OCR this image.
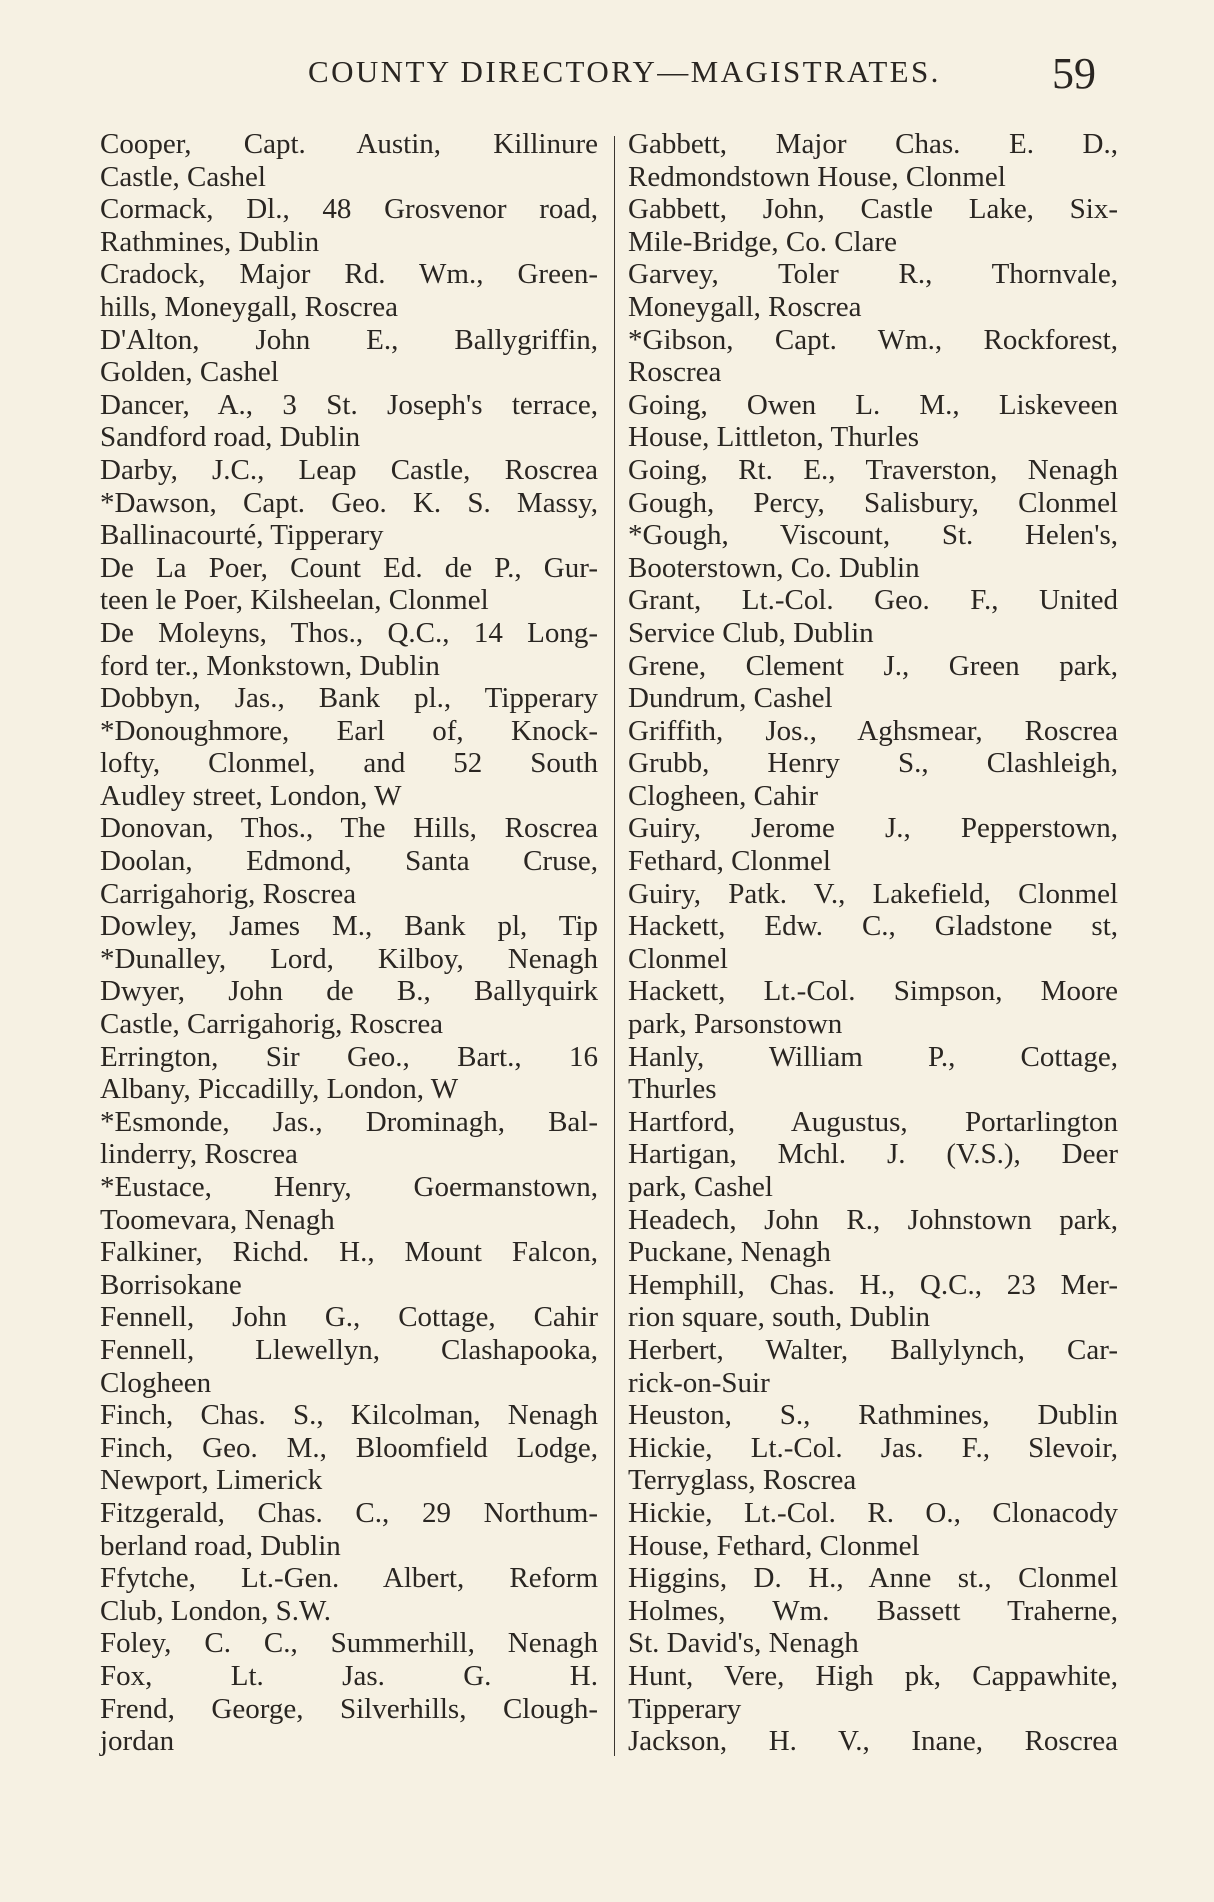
COUNTY DIRECTORY—MAGISTRATES.	59

Cooper, Capt. Austin, Killinure
Castle, Cashel

Cormack, Dl., 48 Grosvenor road,
Rathmines, Dublin

Cradock, Major Rd. Wm., Green-
hills, Moneygall, Roscrea

D'Alton, John E., Ballygriffin,
Golden, Cashel

Dancer, A., 3 St. Joseph's terrace,
Sandford road, Dublin

Darby, J.C., Leap Castle, Roscrea

*Dawson, Capt. Geo. K. S. Massy,
Ballinacourté, Tipperary

De La Poer, Count Ed. de P., Gur-
teen le Poer, Kilsheelan, Clonmel

De Moleyns, Thos., Q.C., 14 Long-
ford ter., Monkstown, Dublin

Dobbyn, Jas., Bank pl., Tipperary

*Donoughmore, Earl of, Knock-
lofty, Clonmel, and 52 South
Audley street, London, W

Donovan, Thos., The Hills, Roscrea

Doolan, Edmond, Santa Cruse,
Carrigahorig, Roscrea

Dowley, James M., Bank pl, Tip

*Dunalley, Lord, Kilboy, Nenagh

Dwyer, John de B., Ballyquirk
Castle, Carrigahorig, Roscrea

Errington, Sir Geo., Bart., 16
Albany, Piccadilly, London, W

*Esmonde, Jas., Drominagh, Bal-
linderry, Roscrea

*Eustace, Henry, Goermanstown,
Toomevara, Nenagh

Falkiner, Richd. H., Mount Falcon,
Borrisokane

Fennell, John G., Cottage, Cahir

Fennell, Llewellyn, Clashapooka,
Clogheen

Finch, Chas. S., Kilcolman, Nenagh

Finch, Geo. M., Bloomfield Lodge,
Newport, Limerick

Fitzgerald, Chas. C., 29 Northum-
berland road, Dublin

Ffytche, Lt.-Gen. Albert, Reform
Club, London, S.W.

Foley, C. C., Summerhill, Nenagh

Fox, Lt. Jas. G. H.

Frend, George, Silverhills, Clough-
jordan

Gabbett, Major Chas. E. D.,
Redmondstown House, Clonmel

Gabbett, John, Castle Lake, Six-
Mile-Bridge, Co. Clare

Garvey, Toler R., Thornvale,
Moneygall, Roscrea

*Gibson, Capt. Wm., Rockforest,
Roscrea

Going, Owen L. M., Liskeveen
House, Littleton, Thurles

Going, Rt. E., Traverston, Nenagh

Gough, Percy, Salisbury, Clonmel

*Gough, Viscount, St. Helen's,
Booterstown, Co. Dublin

Grant, Lt.-Col. Geo. F., United
Service Club, Dublin

Grene, Clement J., Green park,
Dundrum, Cashel

Griffith, Jos., Aghsmear, Roscrea

Grubb, Henry S., Clashleigh,
Clogheen, Cahir

Guiry, Jerome J., Pepperstown,
Fethard, Clonmel

Guiry, Patk. V., Lakefield, Clonmel

Hackett, Edw. C., Gladstone st,
Clonmel

Hackett, Lt.-Col. Simpson, Moore
park, Parsonstown

Hanly, William P., Cottage,
Thurles

Hartford, Augustus, Portarlington

Hartigan, Mchl. J. (V.S.), Deer
park, Cashel

Headech, John R., Johnstown park,
Puckane, Nenagh

Hemphill, Chas. H., Q.C., 23 Mer-
rion square, south, Dublin

Herbert, Walter, Ballylynch, Car-
rick-on-Suir

Heuston, S., Rathmines, Dublin

Hickie, Lt.-Col. Jas. F., Slevoir,
Terryglass, Roscrea

Hickie, Lt.-Col. R. O., Clonacody
House, Fethard, Clonmel

Higgins, D. H., Anne st., Clonmel

Holmes, Wm. Bassett Traherne,
St. David's, Nenagh

Hunt, Vere, High pk, Cappawhite,
Tipperary

Jackson, H. V., Inane, Roscrea
